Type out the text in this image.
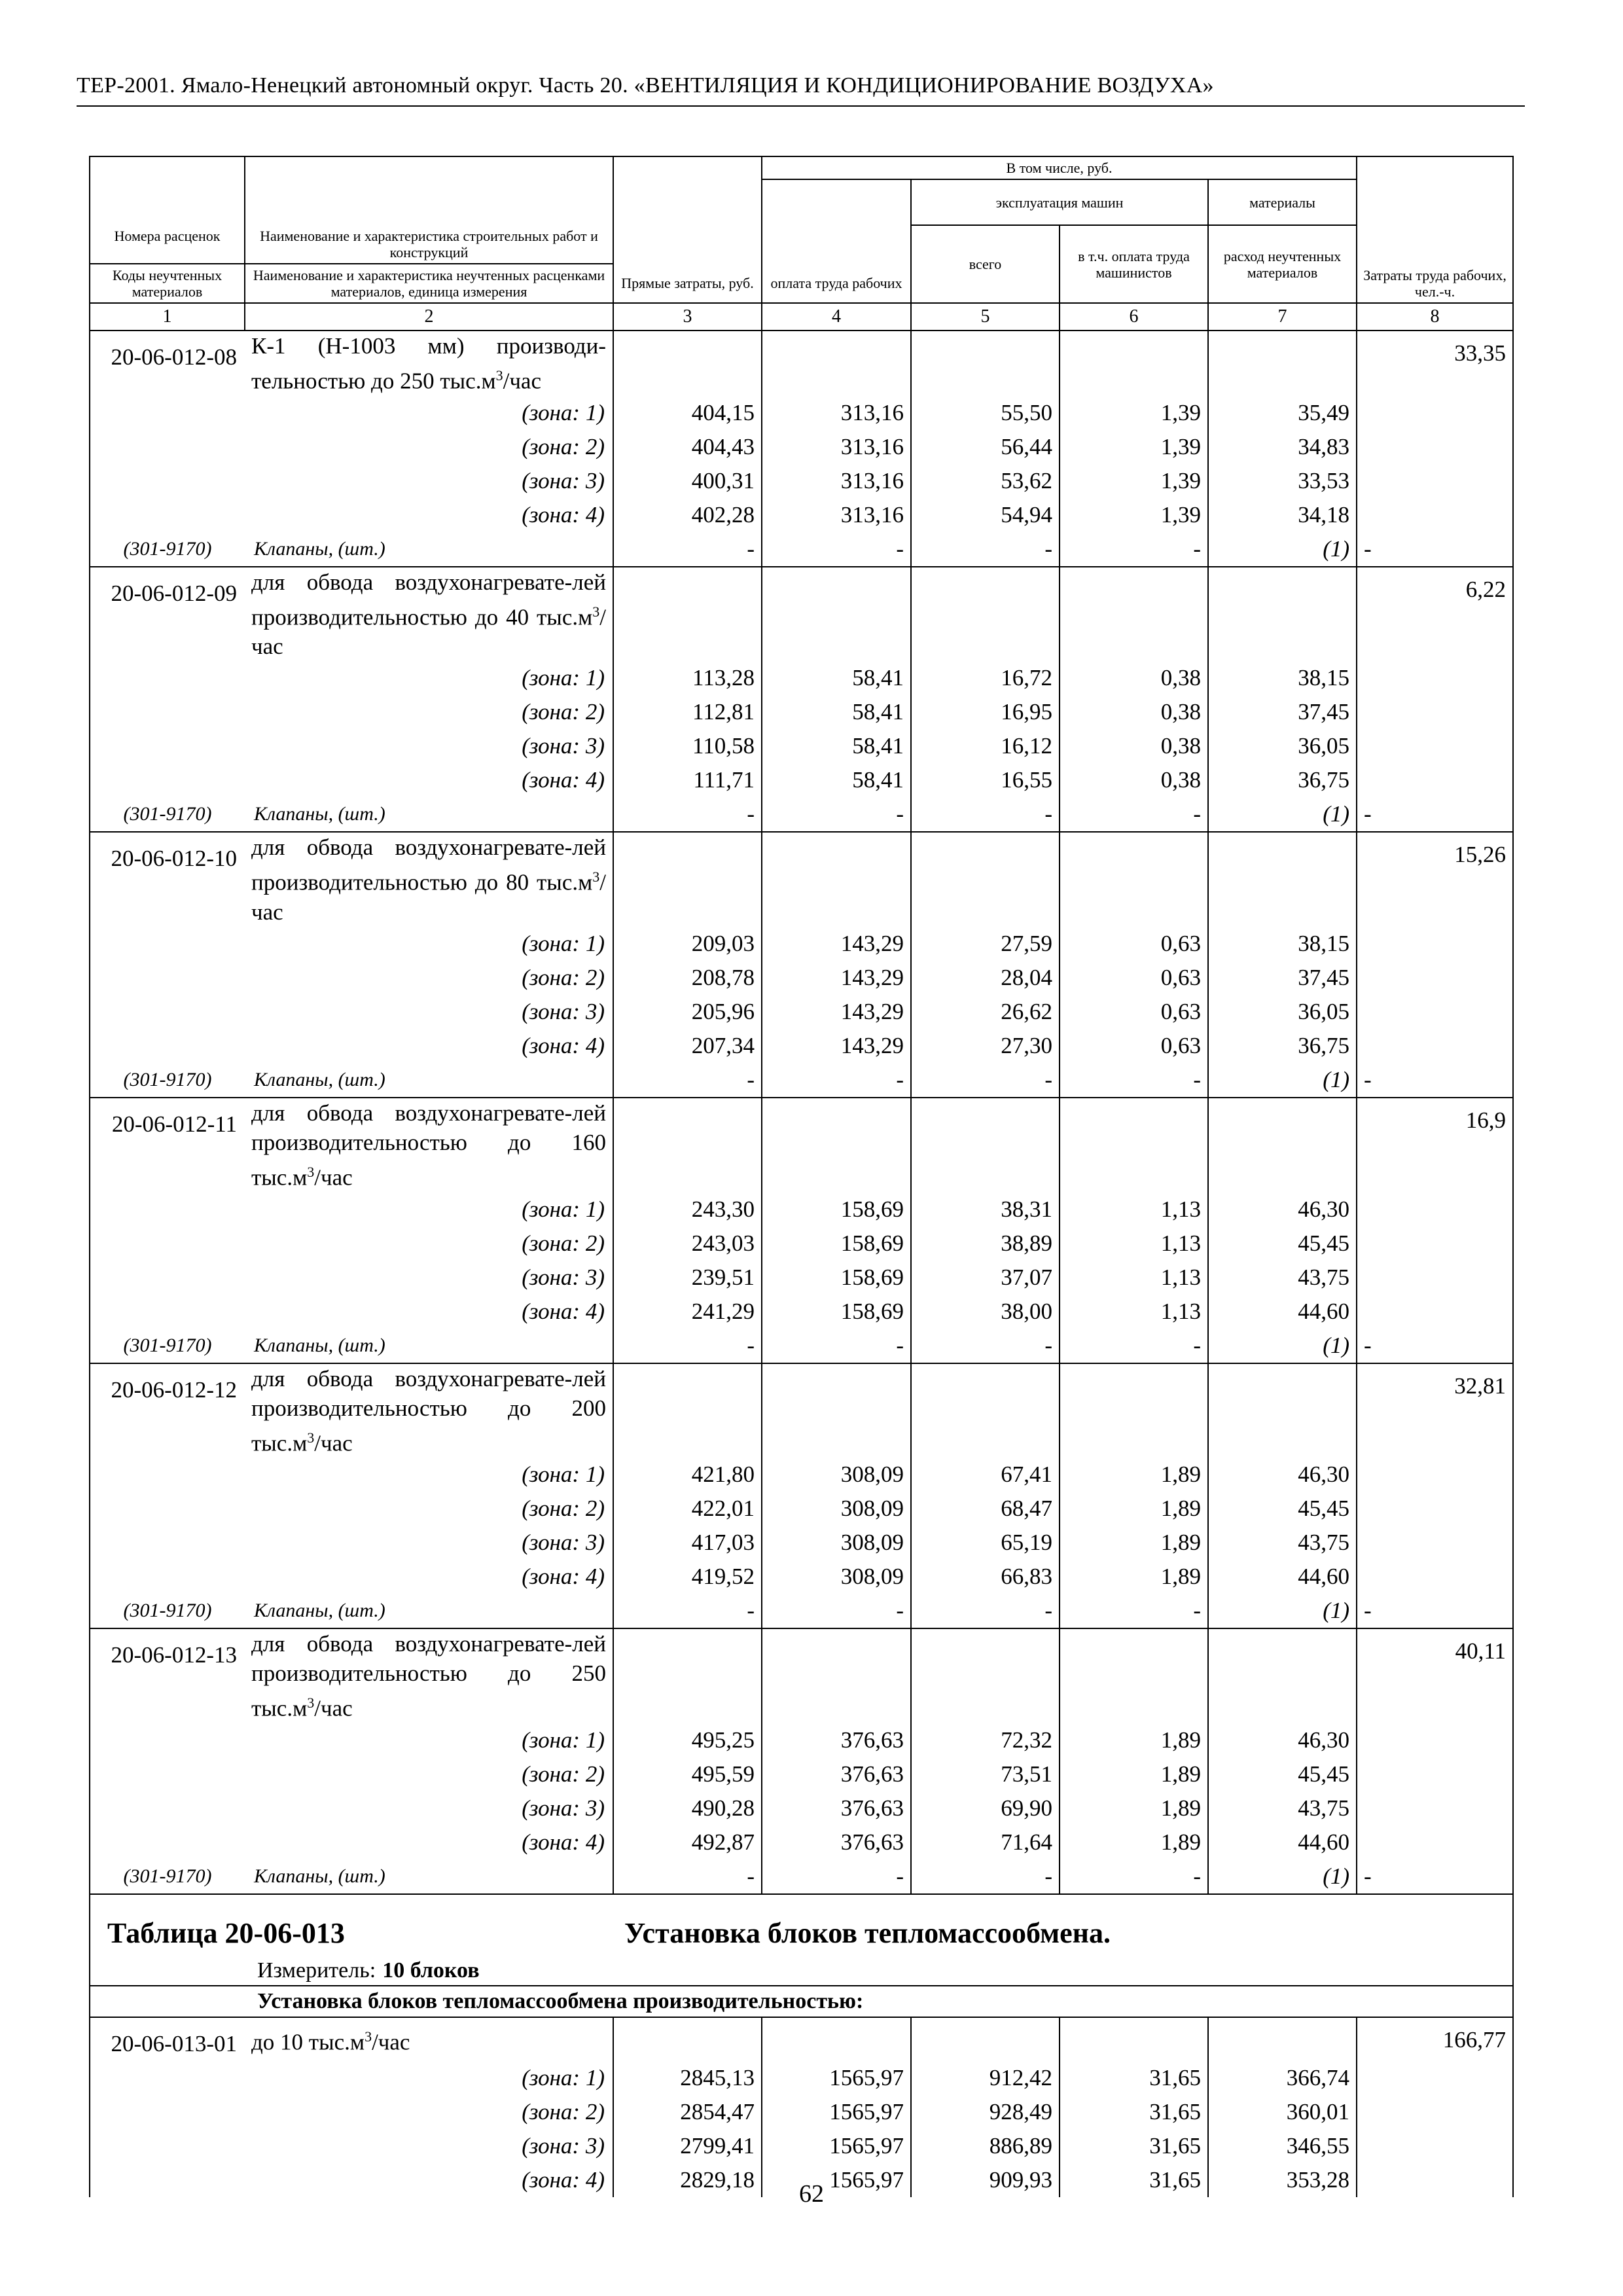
ТЕР-2001. Ямало-Ненецкий автономный округ. Часть 20. «ВЕНТИЛЯЦИЯ И КОНДИЦИОНИРОВАНИЕ ВОЗДУХА»
			В том числе, руб.				
				эксплуатация машин		материалы	
Номера расценок	Наименование и характеристика строительных работ и конструкций			всего	в т.ч. оплата труда машинистов	расход неучтенных материалов	
Коды неучтенных материалов	Наименование и характеристика неучтенных расценками материалов, единица измерения	Прямые затраты, руб.	оплата труда рабочих				Затраты труда рабочих, чел.-ч.
1	2	3	4	5	6	7	8
20-06-012-08	К-1 (Н-1003 мм) производи-тельностью до 250 $тыс.м^3$/час						33,35
	(зона: 1)	404,15	313,16	55,50	1,39	35,49	
	(зона: 2)	404,43	313,16	56,44	1,39	34,83	
	(зона: 3)	400,31	313,16	53,62	1,39	33,53	
	(зона: 4)	402,28	313,16	54,94	1,39	34,18	
(301-9170)	Клапаны, (шт.)	-	-	-	-	(1)	-
20-06-012-09	для обвода воздухонагревате-лей производительностью до 40 $тыс.м^3$/час						6,22
	(зона: 1)	113,28	58,41	16,72	0,38	38,15	
	(зона: 2)	112,81	58,41	16,95	0,38	37,45	
	(зона: 3)	110,58	58,41	16,12	0,38	36,05	
	(зона: 4)	111,71	58,41	16,55	0,38	36,75	
(301-9170)	Клапаны, (шт.)	-	-	-	-	(1)	-
20-06-012-10	для обвода воздухонагревате-лей производительностью до 80 $тыс.м^3$/час						15,26
	(зона: 1)	209,03	143,29	27,59	0,63	38,15	
	(зона: 2)	208,78	143,29	28,04	0,63	37,45	
	(зона: 3)	205,96	143,29	26,62	0,63	36,05	
	(зона: 4)	207,34	143,29	27,30	0,63	36,75	
(301-9170)	Клапаны, (шт.)	-	-	-	-	(1)	-
20-06-012-11	для обвода воздухонагревате-лей производительностью до 160 $тыс.м^3$/час						16,9
	(зона: 1)	243,30	158,69	38,31	1,13	46,30	
	(зона: 2)	243,03	158,69	38,89	1,13	45,45	
	(зона: 3)	239,51	158,69	37,07	1,13	43,75	
	(зона: 4)	241,29	158,69	38,00	1,13	44,60	
(301-9170)	Клапаны, (шт.)	-	-	-	-	(1)	-
20-06-012-12	для обвода воздухонагревате-лей производительностью до 200 $тыс.м^3$/час						32,81
	(зона: 1)	421,80	308,09	67,41	1,89	46,30	
	(зона: 2)	422,01	308,09	68,47	1,89	45,45	
	(зона: 3)	417,03	308,09	65,19	1,89	43,75	
	(зона: 4)	419,52	308,09	66,83	1,89	44,60	
(301-9170)	Клапаны, (шт.)	-	-	-	-	(1)	-
20-06-012-13	для обвода воздухонагревате-лей производительностью до 250 $тыс.м^3$/час						40,11
	(зона: 1)	495,25	376,63	72,32	1,89	46,30	
	(зона: 2)	495,59	376,63	73,51	1,89	45,45	
	(зона: 3)	490,28	376,63	69,90	1,89	43,75	
	(зона: 4)	492,87	376,63	71,64	1,89	44,60	
(301-9170)	Клапаны, (шт.)	-	-	-	-	(1)	-
Таблица 20-06-013 Установка блоков тепломассообмена.							
Измеритель: 10 блоков							
Установка блоков тепломассообмена производительностью:							
20-06-013-01	до 10 $тыс.м^3$/час						166,77
	(зона: 1)	2845,13	1565,97	912,42	31,65	366,74	
	(зона: 2)	2854,47	1565,97	928,49	31,65	360,01	
	(зона: 3)	2799,41	1565,97	886,89	31,65	346,55	
	(зона: 4)	2829,18	1565,97	909,93	31,65	353,28	
62
